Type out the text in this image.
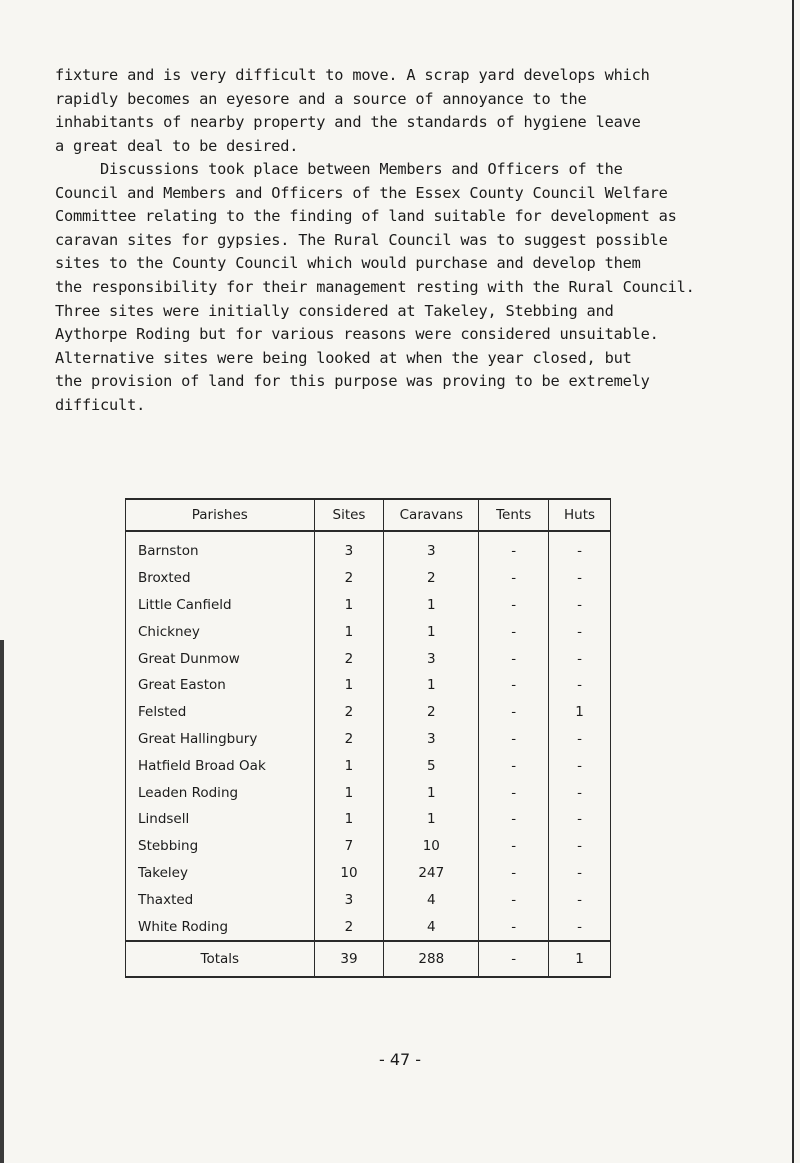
fixture and is very difficult to move. A scrap yard develops which
rapidly becomes an eyesore and a source of annoyance to the
inhabitants of nearby property and the standards of hygiene leave
a great deal to be desired.
Discussions took place between Members and Officers of the
Council and Members and Officers of the Essex County Council Welfare
Committee relating to the finding of land suitable for development as
caravan sites for gypsies. The Rural Council was to suggest possible
sites to the County Council which would purchase and develop them
the responsibility for their management resting with the Rural Council.
Three sites were initially considered at Takeley, Stebbing and
Aythorpe Roding but for various reasons were considered unsuitable.
Alternative sites were being looked at when the year closed, but
the provision of land for this purpose was proving to be extremely
difficult.
Parishes	Sites	Caravans	Tents	Huts
Barnston	3	3	-	-
Broxted	2	2	-	-
Little Canfield	1	1	-	-
Chickney	1	1	-	-
Great Dunmow	2	3	-	-
Great Easton	1	1	-	-
Felsted	2	2	-	1
Great Hallingbury	2	3	-	-
Hatfield Broad Oak	1	5	-	-
Leaden Roding	1	1	-	-
Lindsell	1	1	-	-
Stebbing	7	10	-	-
Takeley	10	247	-	-
Thaxted	3	4	-	-
White Roding	2	4	-	-
Totals	39	288	-	1
- 47 -
